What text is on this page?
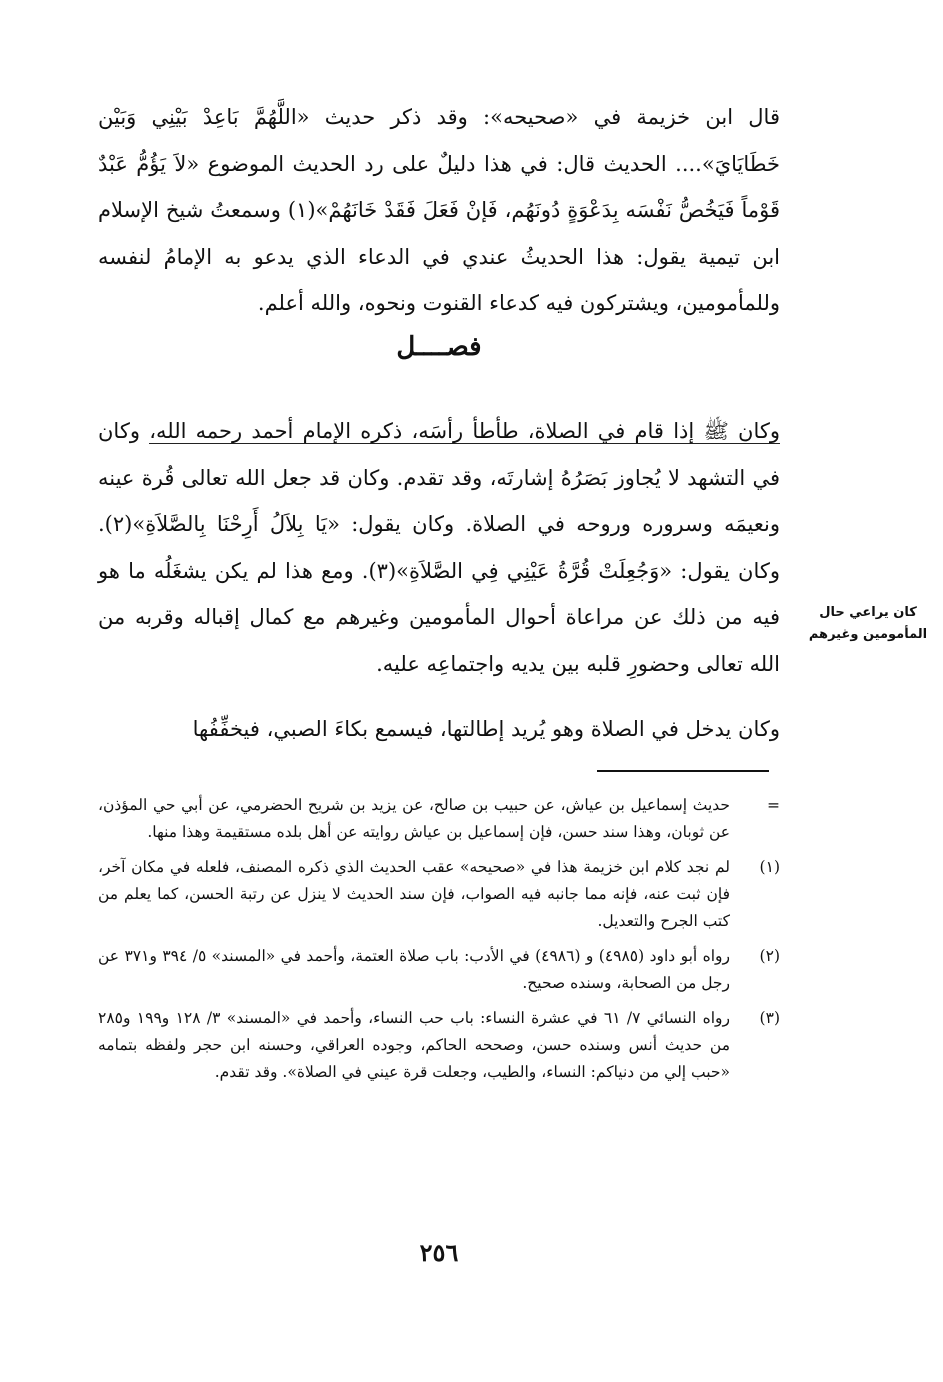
قال ابن خزيمة في «صحيحه»: وقد ذكر حديث «اللَّهُمَّ بَاعِدْ بَيْنِي وَبَيْن خَطَايَايَ».... الحديث قال: في هذا دليلٌ على رد الحديث الموضوع «لاَ يَؤُمُّ عَبْدٌ قَوْماً فَيَخُصُّ نَفْسَه بِدَعْوَةٍ دُونَهُم، فَإنْ فَعَلَ فَقَدْ خَانَهُمْ»(١) وسمعتُ شيخ الإسلام ابن تيمية يقول: هذا الحديثُ عندي في الدعاء الذي يدعو به الإمامُ لنفسه وللمأمومين، ويشتركون فيه كدعاء القنوت ونحوه، والله أعلم.
فصــــل
وكان ﷺ إذا قام في الصلاة، طأطأ رأسَه، ذكره الإمام أحمد رحمه الله، وكان في التشهد لا يُجاوز بَصَرُهُ إشارتَه، وقد تقدم. وكان قد جعل الله تعالى قُرة عينه ونعيمَه وسروره وروحه في الصلاة. وكان يقول: «يَا بِلاَلُ أَرِحْنَا بِالصَّلاَةِ»(٢). وكان يقول: «وَجُعِلَتْ قُرَّةُ عَيْنِي فِي الصَّلاَةِ»(٣). ومع هذا لم يكن يشغَلُه ما هو فيه من ذلك عن مراعاة أحوال المأمومين وغيرهم مع كمال إقباله وقربه من الله تعالى وحضورِ قلبه بين يديه واجتماعِه عليه.
كان يراعي حال
المأمومين وغيرهم
وكان يدخل في الصلاة وهو يُريد إطالتها، فيسمع بكاءَ الصبي، فيخفِّفُها
=
حديث إسماعيل بن عياش، عن حبيب بن صالح، عن يزيد بن شريح الحضرمي، عن أبي حي المؤذن، عن ثوبان، وهذا سند حسن، فإن إسماعيل بن عياش روايته عن أهل بلده مستقيمة وهذا منها.
(١)
لم نجد كلام ابن خزيمة هذا في «صحيحه» عقب الحديث الذي ذكره المصنف، فلعله في مكان آخر، فإن ثبت عنه، فإنه مما جانبه فيه الصواب، فإن سند الحديث لا ينزل عن رتبة الحسن، كما يعلم من كتب الجرح والتعديل.
(٢)
رواه أبو داود (٤٩٨٥) و (٤٩٨٦) في الأدب: باب صلاة العتمة، وأحمد في «المسند» ٥/ ٣٩٤ و٣٧١ عن رجل من الصحابة، وسنده صحيح.
(٣)
رواه النسائي ٧/ ٦١ في عشرة النساء: باب حب النساء، وأحمد في «المسند» ٣/ ١٢٨ و١٩٩ و٢٨٥ من حديث أنس وسنده حسن، وصححه الحاكم، وجوده العراقي، وحسنه ابن حجر ولفظه بتمامه «حبب إلي من دنياكم: النساء، والطيب، وجعلت قرة عيني في الصلاة». وقد تقدم.
٢٥٦
